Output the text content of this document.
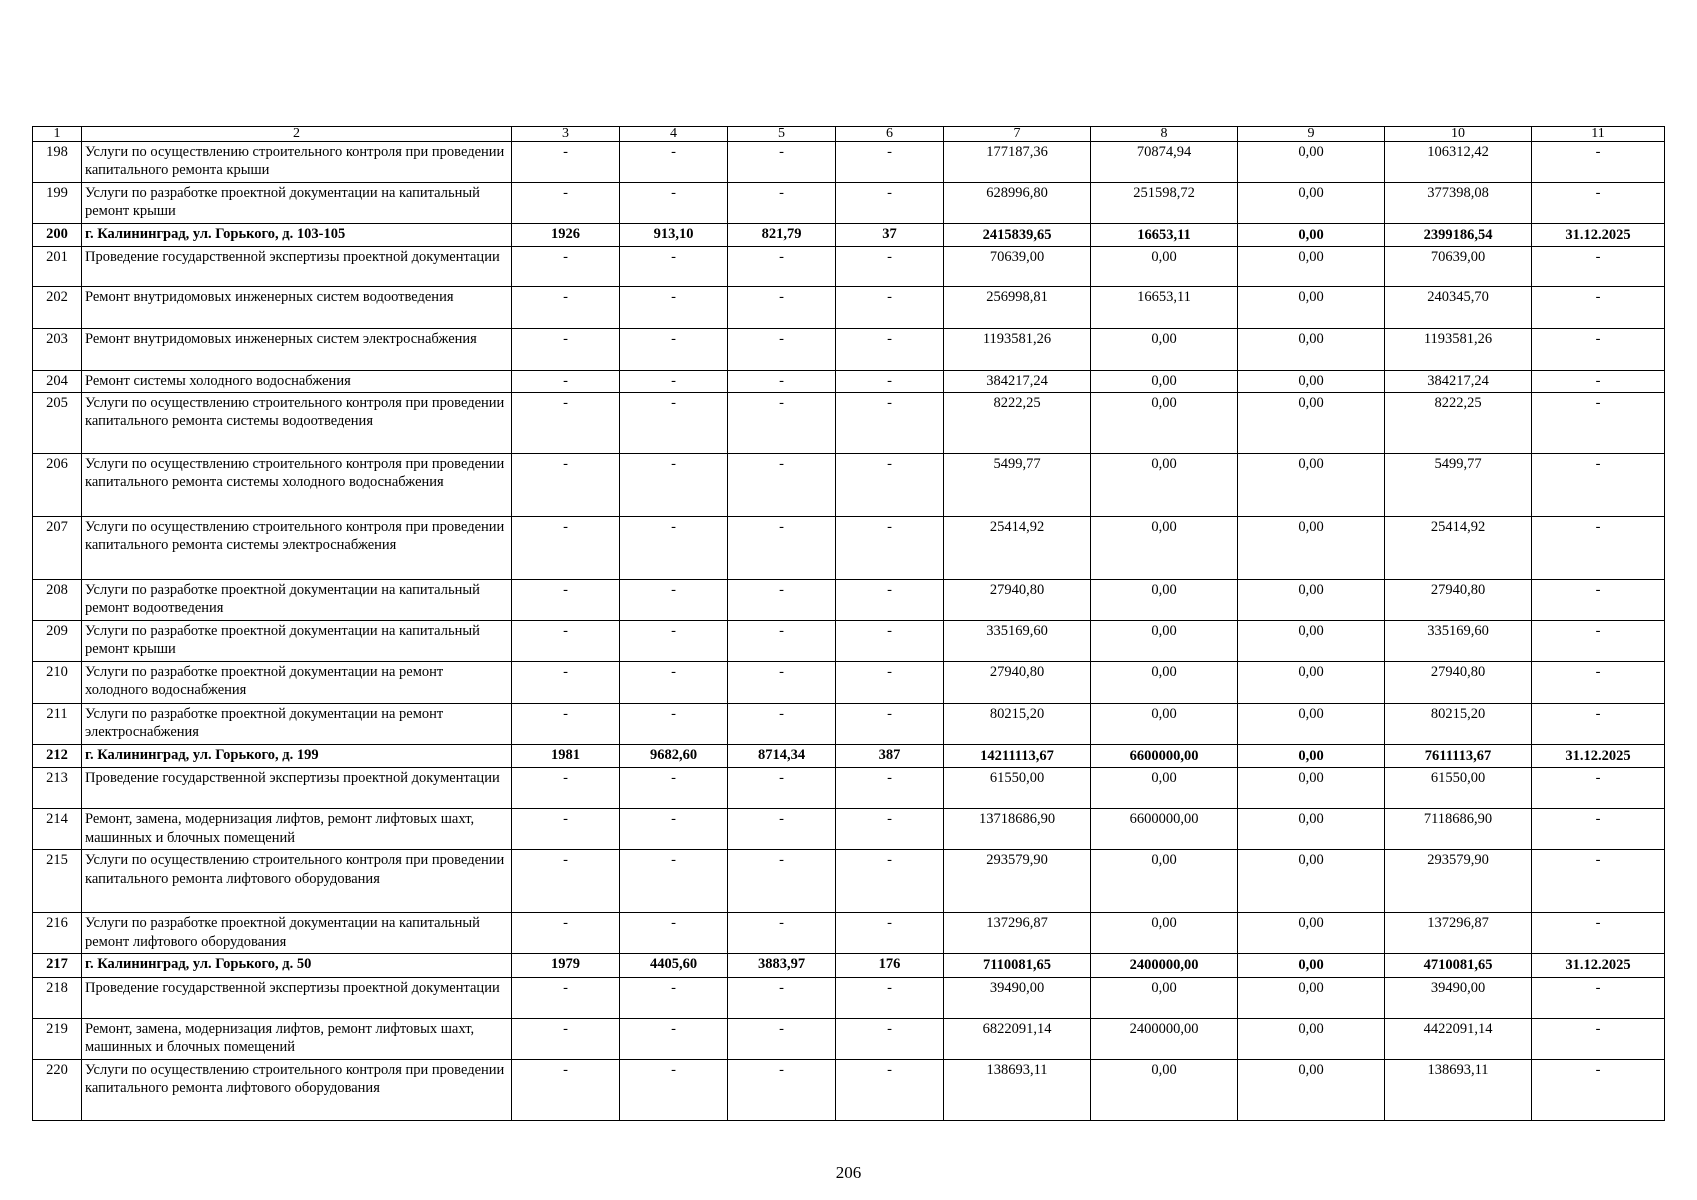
1	2	3	4	5	6	7	8	9	10	11
198	Услуги по осуществлению строительного контроля при проведении капитального ремонта крыши	-	-	-	-	177187,36	70874,94	0,00	106312,42	-
199	Услуги по разработке проектной документации на капитальный ремонт крыши	-	-	-	-	628996,80	251598,72	0,00	377398,08	-
200	г. Калининград, ул. Горького, д. 103-105	1926	913,10	821,79	37	2415839,65	16653,11	0,00	2399186,54	31.12.2025
201	Проведение государственной экспертизы проектной документации	-	-	-	-	70639,00	0,00	0,00	70639,00	-
202	Ремонт внутридомовых инженерных систем водоотведения	-	-	-	-	256998,81	16653,11	0,00	240345,70	-
203	Ремонт внутридомовых инженерных систем электроснабжения	-	-	-	-	1193581,26	0,00	0,00	1193581,26	-
204	Ремонт системы холодного водоснабжения	-	-	-	-	384217,24	0,00	0,00	384217,24	-
205	Услуги по осуществлению строительного контроля при проведении капитального ремонта системы водоотведения	-	-	-	-	8222,25	0,00	0,00	8222,25	-
206	Услуги по осуществлению строительного контроля при проведении капитального ремонта системы холодного водоснабжения	-	-	-	-	5499,77	0,00	0,00	5499,77	-
207	Услуги по осуществлению строительного контроля при проведении капитального ремонта системы электроснабжения	-	-	-	-	25414,92	0,00	0,00	25414,92	-
208	Услуги по разработке проектной документации на капитальный ремонт водоотведения	-	-	-	-	27940,80	0,00	0,00	27940,80	-
209	Услуги по разработке проектной документации на капитальный ремонт крыши	-	-	-	-	335169,60	0,00	0,00	335169,60	-
210	Услуги по разработке проектной документации на ремонт холодного водоснабжения	-	-	-	-	27940,80	0,00	0,00	27940,80	-
211	Услуги по разработке проектной документации на ремонт электроснабжения	-	-	-	-	80215,20	0,00	0,00	80215,20	-
212	г. Калининград, ул. Горького, д. 199	1981	9682,60	8714,34	387	14211113,67	6600000,00	0,00	7611113,67	31.12.2025
213	Проведение государственной экспертизы проектной документации	-	-	-	-	61550,00	0,00	0,00	61550,00	-
214	Ремонт, замена, модернизация лифтов, ремонт лифтовых шахт, машинных и блочных помещений	-	-	-	-	13718686,90	6600000,00	0,00	7118686,90	-
215	Услуги по осуществлению строительного контроля при проведении капитального ремонта лифтового оборудования	-	-	-	-	293579,90	0,00	0,00	293579,90	-
216	Услуги по разработке проектной документации на капитальный ремонт лифтового оборудования	-	-	-	-	137296,87	0,00	0,00	137296,87	-
217	г. Калининград, ул. Горького, д. 50	1979	4405,60	3883,97	176	7110081,65	2400000,00	0,00	4710081,65	31.12.2025
218	Проведение государственной экспертизы проектной документации	-	-	-	-	39490,00	0,00	0,00	39490,00	-
219	Ремонт, замена, модернизация лифтов, ремонт лифтовых шахт, машинных и блочных помещений	-	-	-	-	6822091,14	2400000,00	0,00	4422091,14	-
220	Услуги по осуществлению строительного контроля при проведении капитального ремонта лифтового оборудования	-	-	-	-	138693,11	0,00	0,00	138693,11	-
206
